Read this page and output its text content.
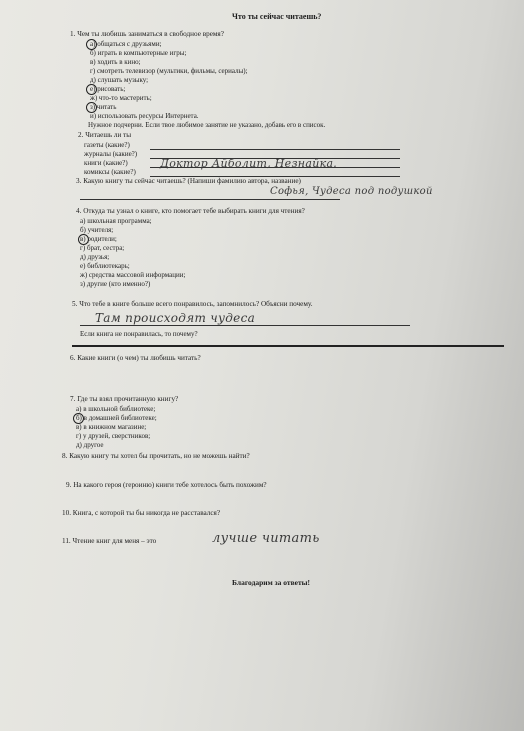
Что ты сейчас читаешь?
1. Чем ты любишь заниматься в свободное время?
а) общаться с друзьями;
б) играть в компьютерные игры;
в) ходить в кино;
г) смотреть телевизор (мультики, фильмы, сериалы);
д) слушать музыку;
е) рисовать;
ж) что-то мастерить;
з) читать
и) использовать ресурсы Интернета.
Нужное подчерни. Если твое любимое занятие не указано, добавь его в список.
2. Читаешь ли ты
газеты (какие?)
журналы (какие?)
книги (какие?)	Доктор Айболит, Незнайка.
комиксы (какие?)
3. Какую книгу ты сейчас читаешь? (Напиши фамилию автора, название)
Софья, Чудеса под подушкой
4. Откуда ты узнал о книге, кто помогает тебе выбирать книги для чтения?
а) школьная программа;
б) учителя;
в) родители;
г) брат, сестра;
д) друзья;
е) библиотекарь;
ж) средства массовой информации;
з) другие (кто именно?)
5. Что тебе в книге больше всего понравилось, запомнилось? Объясни почему.
Там происходят чудеса
Если книга не понравилась, то почему?
6. Какие книги (о чем) ты любишь читать?
7. Где ты взял прочитанную книгу?
а) в школьной библиотеке;
б) в домашней библиотеке;
в) в книжном магазине;
г) у друзей, сверстников;
д) другое
8. Какую книгу ты хотел бы прочитать, но не можешь найти?
9. На какого героя (героиню) книги тебе хотелось быть похожим?
10. Книга, с которой ты бы никогда не расставался?
11. Чтение книг для меня – это	лучше читать
Благодарим за ответы!
